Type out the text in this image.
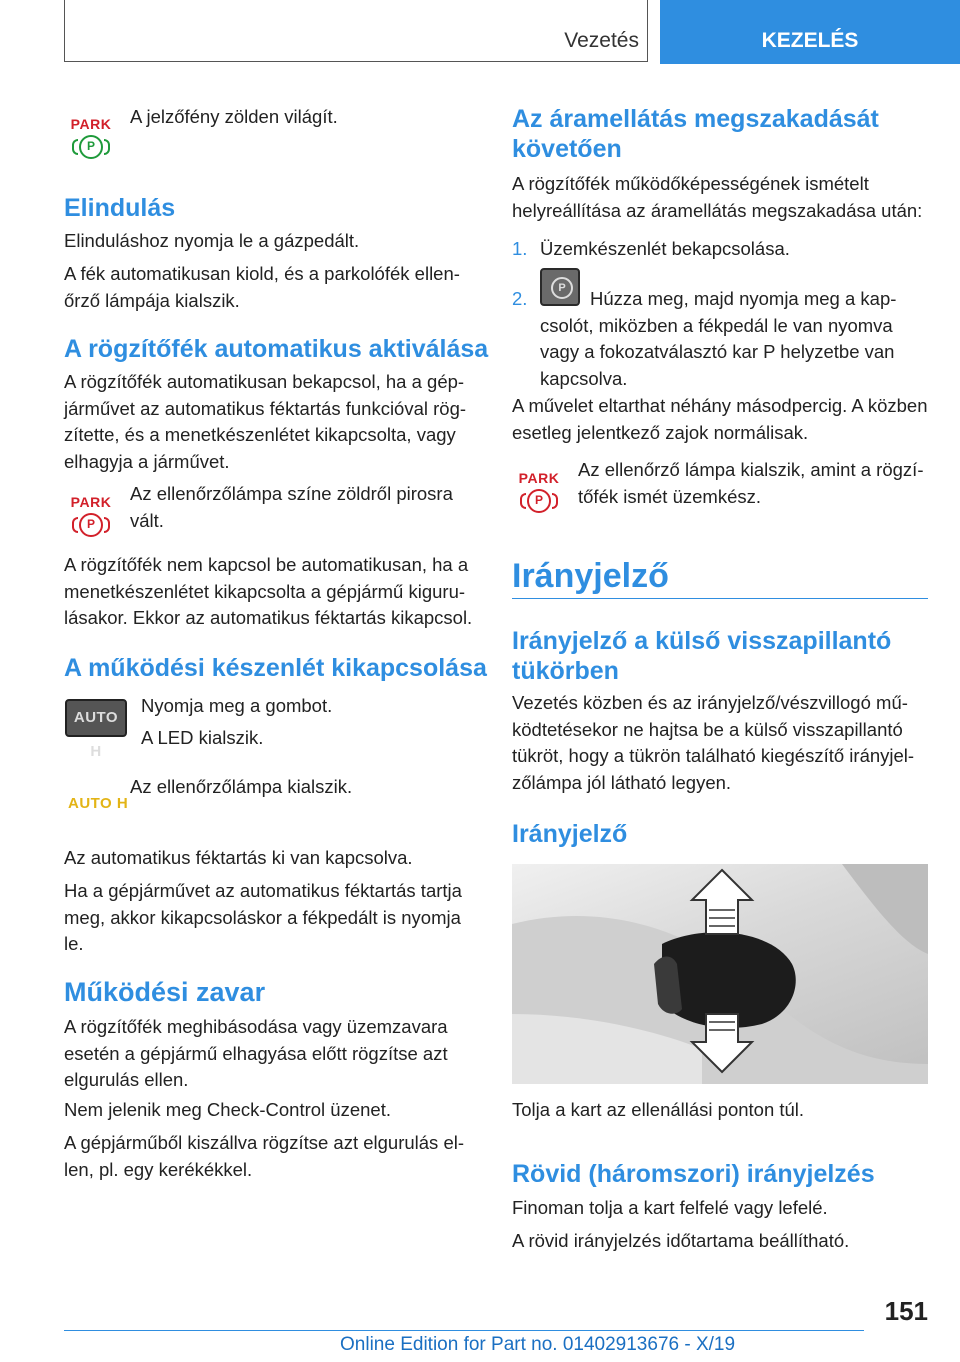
Vezetés	KEZELÉS
PARK
P

A jelzőfény zölden világít.

Elindulás

Elinduláshoz nyomja le a gázpedált.

A fék automatikusan kiold, és a parkolófék ellenőrző lámpája kialszik.

A rögzítőfék automatikus aktiválása

A rögzítőfék automatikusan bekapcsol, ha a gépjárművet az automatikus féktartás funkcióval rögzítette, és a menetkészenlétet kikapcsolta, vagy elhagyja a járművet.

PARK
P

Az ellenőrzőlámpa színe zöldről pirosra vált.

A rögzítőfék nem kapcsol be automatikusan, ha a menetkészenlétet kikapcsolta a gépjármű kigurulásakor. Ekkor az automatikus féktartás kikapcsol.

A működési készenlét kikapcsolása
AUTO H

Nyomja meg a gombot.

A LED kialszik.

AUTO H

Az ellenőrzőlámpa kialszik.

Az automatikus féktartás ki van kapcsolva.

Ha a gépjárművet az automatikus féktartás tartja meg, akkor kikapcsoláskor a fékpedált is nyomja le.

Működési zavar

A rögzítőfék meghibásodása vagy üzemzavara esetén a gépjármű elhagyása előtt rögzítse azt elgurulás ellen.

Nem jelenik meg Check-Control üzenet.

A gépjárműből kiszállva rögzítse azt elgurulás ellen, pl. egy kerékékkel.

Az áramellátás megszakadását követően

A rögzítőfék működőképességének ismételt helyreállítása az áramellátás megszakadása után:

1. Üzemkészenlét bekapcsolása.

2.	P	Húzza meg, majd nyomja meg a kapcsolót, miközben a fékpedál le van nyomva vagy a fokozatválasztó kar P helyzetbe van kapcsolva.

A művelet eltarthat néhány másodpercig. A közben esetleg jelentkező zajok normálisak.

PARK
P

Az ellenőrző lámpa kialszik, amint a rögzítőfék ismét üzemkész.

Irányjelző
Irányjelző a külső visszapillantó tükörben

Vezetés közben és az irányjelző/vészvillogó működtetésekor ne hajtsa be a külső visszapillantó tükröt, hogy a tükrön található kiegészítő irányjelzőlámpa jól látható legyen.

Irányjelző

Tolja a kart az ellenállási ponton túl.

Rövid (háromszori) irányjelzés

Finoman tolja a kart felfelé vagy lefelé.

A rövid irányjelzés időtartama beállítható.

151
Online Edition for Part no. 01402913676 - X/19
